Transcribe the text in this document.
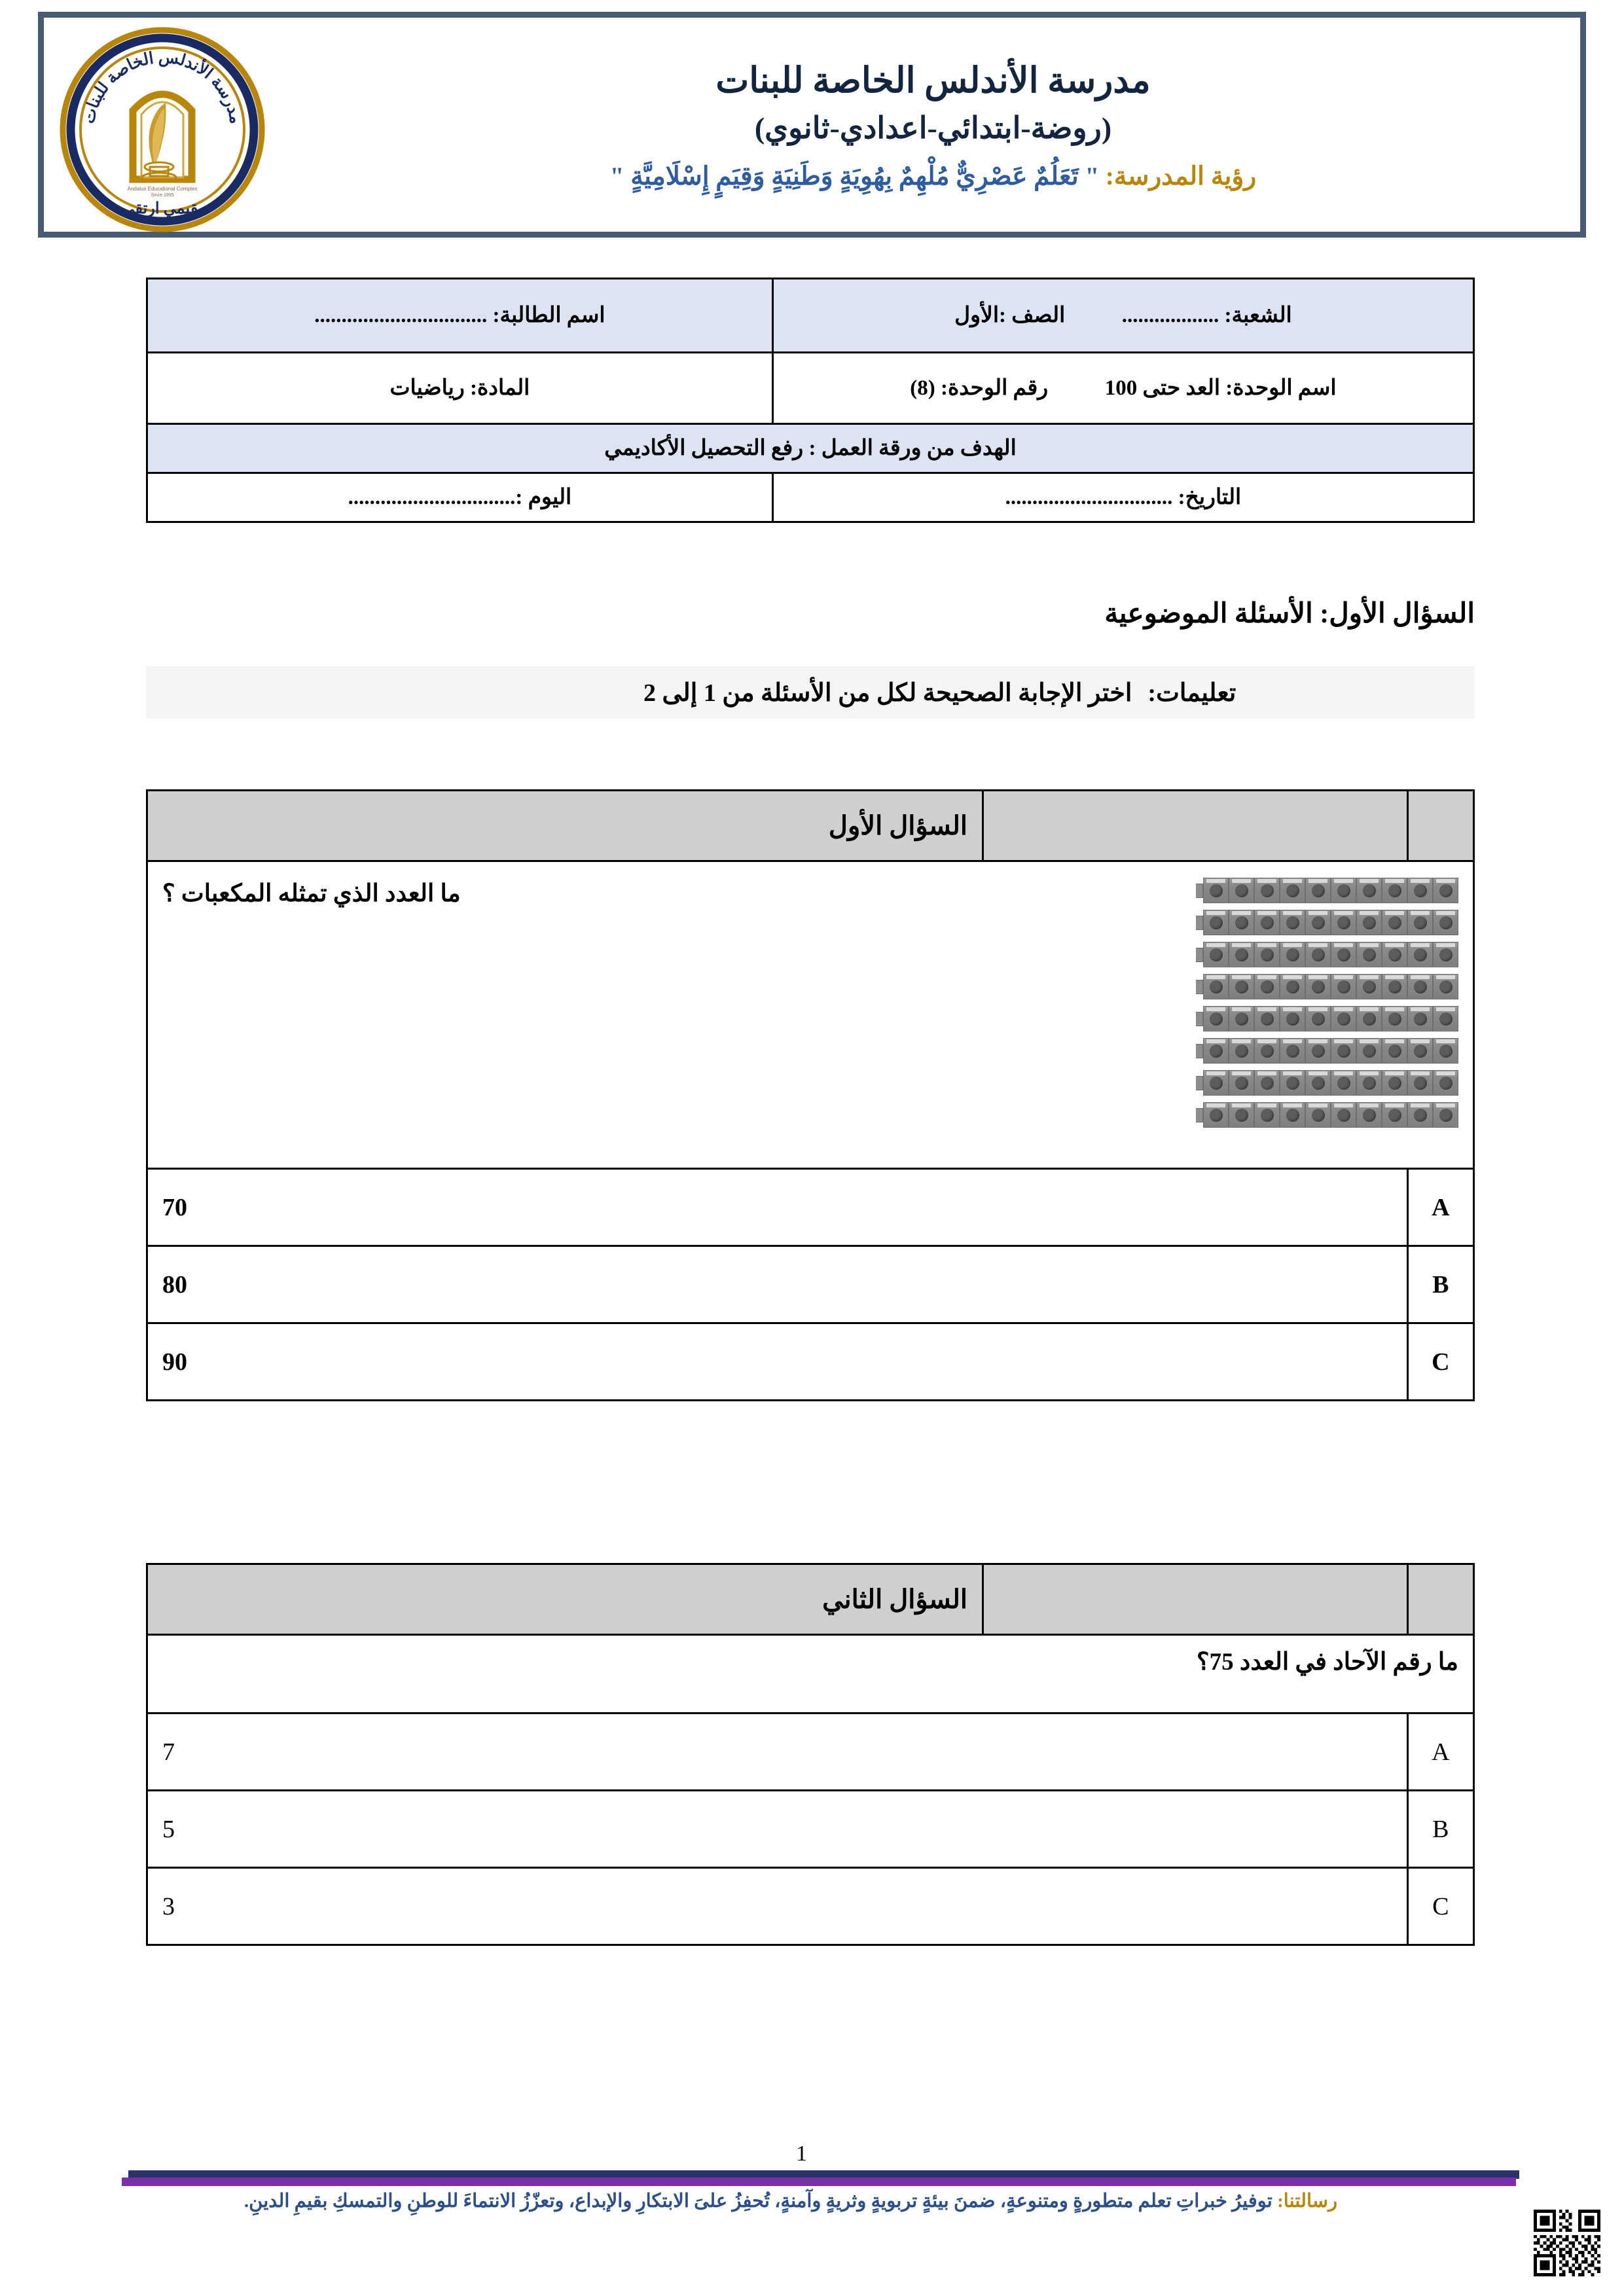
مدرسة الأندلس الخاصة للبنات
(روضة-ابتدائي-اعدادي-ثانوي)
رؤية المدرسة: " تَعَلُمٌ عَصْرِيٌّ مُلْهِمٌ بِهُوِيَةٍ وَطَنِيَةٍ وَقِيَمٍ إِسْلَامِيَّةٍ "
مدرسة الأندلس الخاصة للبنات
Andalus Educational Complex
Since 1995
بقيمي ارتقي
الشعبة: ..................  الصف :الأول	اسم الطالبة: ................................
اسم الوحدة: العد حتى 100  رقم الوحدة: (8)	المادة: رياضيات
الهدف من ورقة العمل : رفع التحصيل الأكاديمي	
التاريخ: ...............................	اليوم :...............................
السؤال الأول: الأسئلة الموضوعية
تعليمات:
اختر الإجابة الصحيحة لكل من الأسئلة من 1 إلى 2
		السؤال الأول

ما العدد الذي تمثله المكعبات ؟		

A	70	
B	80	
C	90	
		السؤال الثاني
ما رقم الآحاد في العدد 75؟		
A	7	
B	5	
C	3	
1
رسالتنا: توفيرُ خبراتِ تعلم متطورةٍ ومتنوعةٍ، ضمنَ بيئةٍ تربويةٍ وثريةٍ وآمنةٍ، تُحفِزُ علىَ الابتكارِ والإبداع، وتعزّزُ الانتماءَ للوطنِ والتمسكِ بقيمِ الدينِ.
